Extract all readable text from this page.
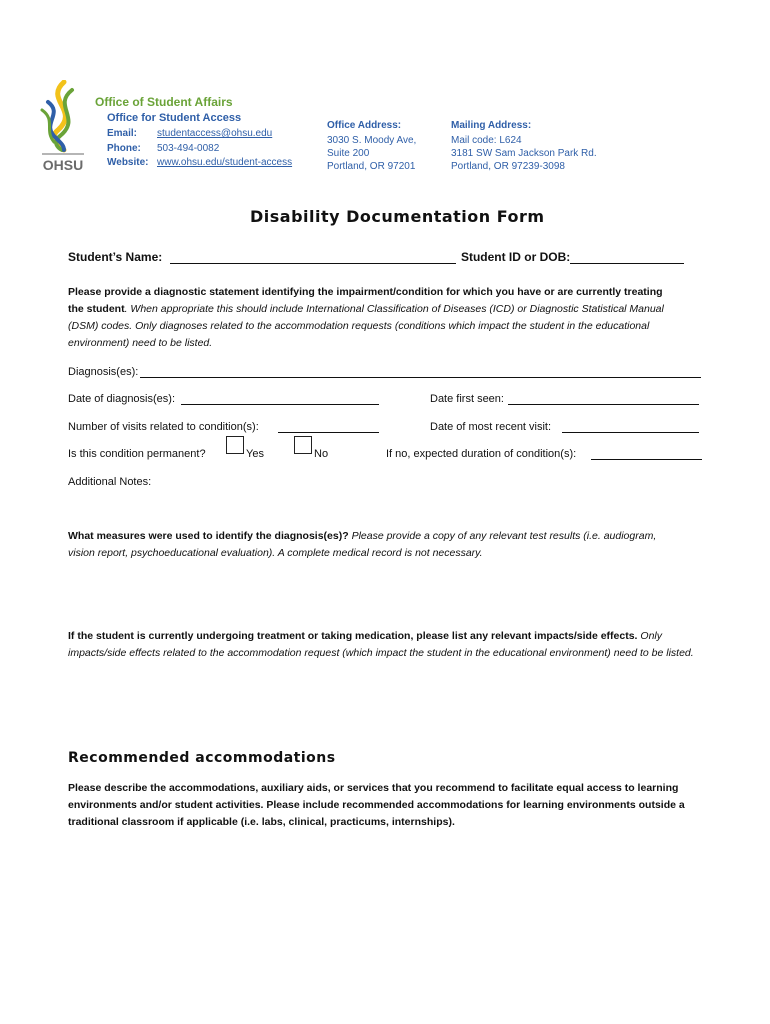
OHSU
Office of Student Affairs
Office for Student Access
Email: studentaccess@ohsu.edu
Phone: 503-494-0082
Website: www.ohsu.edu/student-access
Office Address:
3030 S. Moody Ave,
Suite 200
Portland, OR 97201
Mailing Address:
Mail code: L624
3181 SW Sam Jackson Park Rd.
Portland, OR 97239-3098
Disability Documentation Form
Student’s Name:	Student ID or DOB:
Please provide a diagnostic statement identifying the impairment/condition for which you have or are currently treating the student. When appropriate this should include International Classification of Diseases (ICD) or Diagnostic Statistical Manual (DSM) codes. Only diagnoses related to the accommodation requests (conditions which impact the student in the educational environment) need to be listed.
Diagnosis(es):
Date of diagnosis(es):	Date first seen:
Number of visits related to condition(s):	Date of most recent visit:
Is this condition permanent?	Yes	No	If no, expected duration of condition(s):
Additional Notes:
What measures were used to identify the diagnosis(es)? Please provide a copy of any relevant test results (i.e. audiogram, vision report, psychoeducational evaluation). A complete medical record is not necessary.
If the student is currently undergoing treatment or taking medication, please list any relevant impacts/side effects. Only impacts/side effects related to the accommodation request (which impact the student in the educational environment) need to be listed.
Recommended accommodations
Please describe the accommodations, auxiliary aids, or services that you recommend to facilitate equal access to learning environments and/or student activities. Please include recommended accommodations for learning environments outside a traditional classroom if applicable (i.e. labs, clinical, practicums, internships).
